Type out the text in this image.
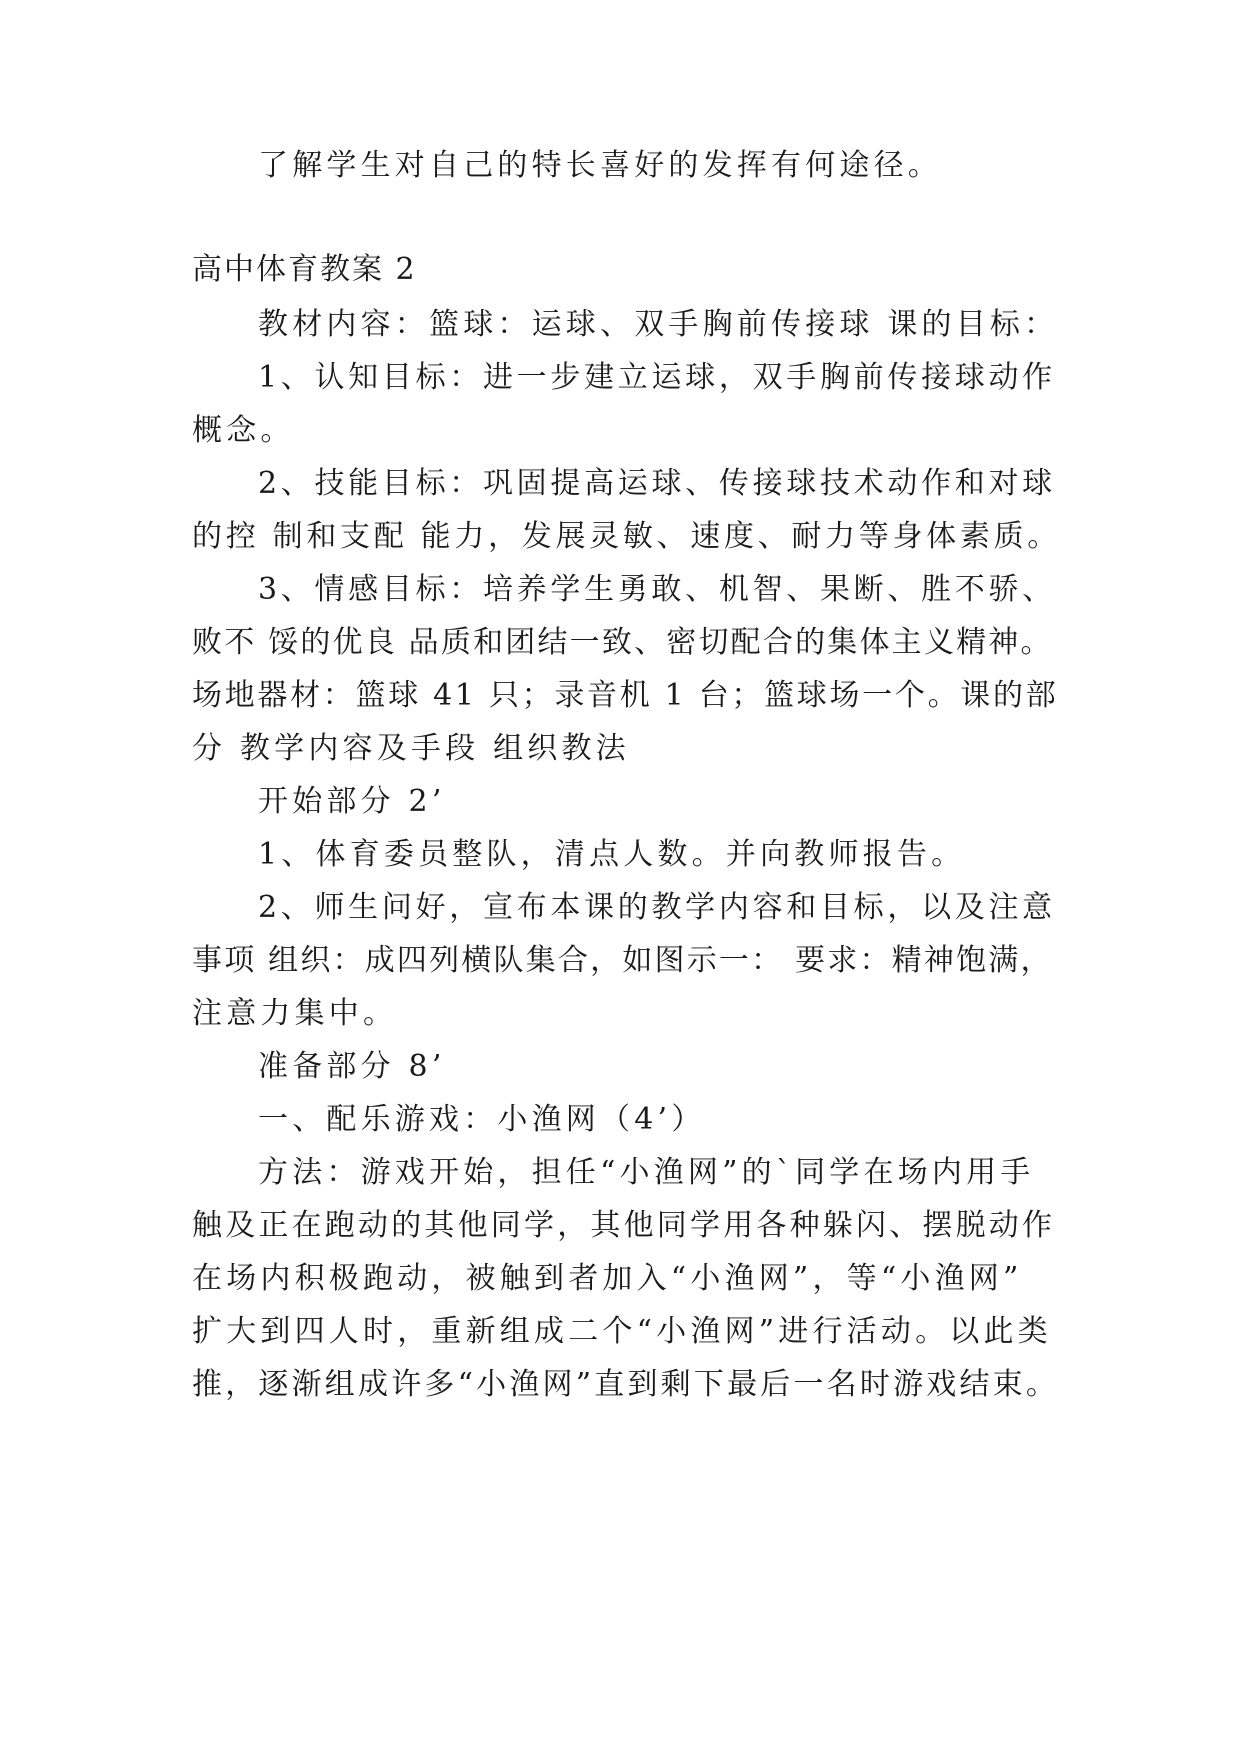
了解学生对自己的特长喜好的发挥有何途径。
高中体育教案 2
教材内容：篮球：运球、双手胸前传接球 课的目标：
1、认知目标：进一步建立运球，双手胸前传接球动作
概念。
2、技能目标：巩固提高运球、传接球技术动作和对球
的控 制和支配 能力，发展灵敏、速度、耐力等身体素质。
3、情感目标：培养学生勇敢、机智、果断、胜不骄、
败不 馁的优良 品质和团结一致、密切配合的集体主义精神。
场地器材：篮球 41 只；录音机 1 台；篮球场一个。课的部
分 教学内容及手段 组织教法
开始部分 2’
1、体育委员整队，清点人数。并向教师报告。
2、师生问好，宣布本课的教学内容和目标，以及注意
事项 组织：成四列横队集合，如图示一： 要求：精神饱满，
注意力集中。
准备部分 8’
一、配乐游戏：小渔网（4’）
方法：游戏开始，担任“小渔网”的`同学在场内用手
触及正在跑动的其他同学，其他同学用各种躲闪、摆脱动作
在场内积极跑动，被触到者加入“小渔网”，等“小渔网”
扩大到四人时，重新组成二个“小渔网”进行活动。以此类
推，逐渐组成许多“小渔网”直到剩下最后一名时游戏结束。
